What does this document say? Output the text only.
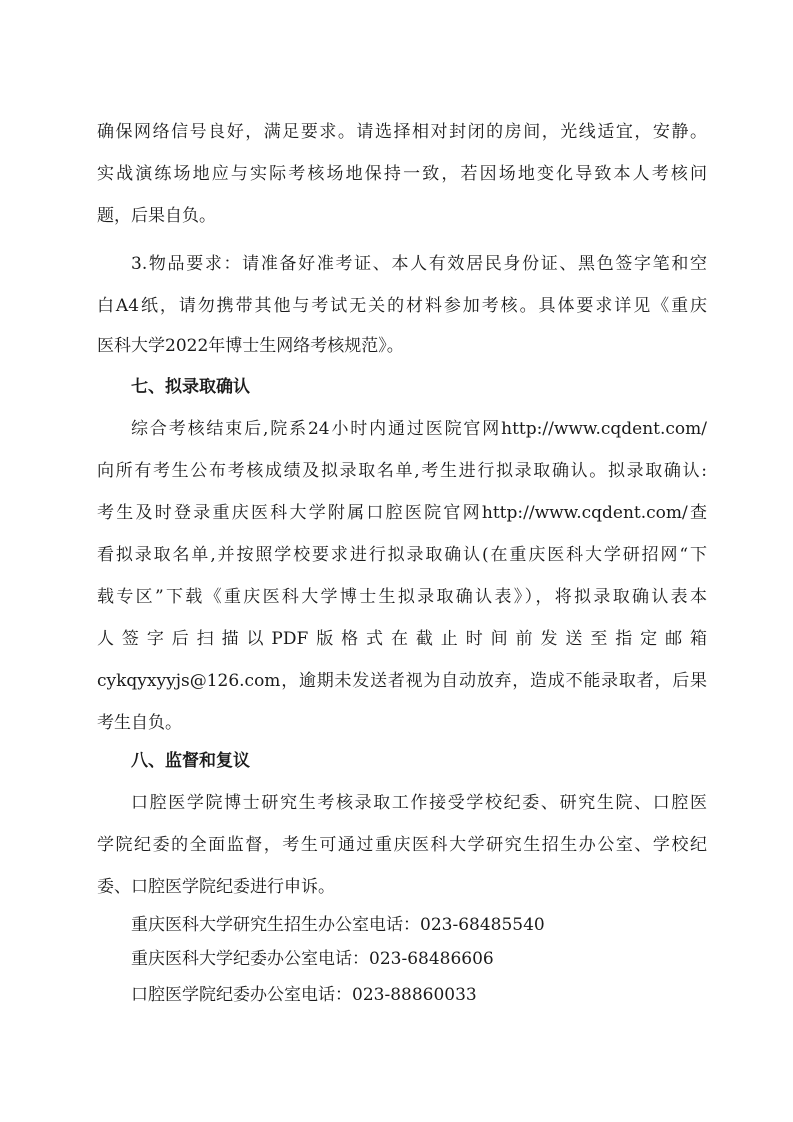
确保网络信号良好，满足要求。请选择相对封闭的房间，光线适宜，安静。
实战演练场地应与实际考核场地保持一致，若因场地变化导致本人考核问
题，后果自负。
3.物品要求：请准备好准考证、本人有效居民身份证、黑色签字笔和空
白A4纸，请勿携带其他与考试无关的材料参加考核。具体要求详见《重庆
医科大学2022年博士生网络考核规范》。
七、拟录取确认
综合考核结束后,院系24小时内通过医院官网http://www.cqdent.com/
向所有考生公布考核成绩及拟录取名单,考生进行拟录取确认。拟录取确认:
考生及时登录重庆医科大学附属口腔医院官网http://www.cqdent.com/查
看拟录取名单,并按照学校要求进行拟录取确认(在重庆医科大学研招网“下
载专区”下载《重庆医科大学博士生拟录取确认表》），将拟录取确认表本
人签字后扫描以PDF版格式在截止时间前发送至指定邮箱
cykqyxyyjs@126.com，逾期未发送者视为自动放弃，造成不能录取者，后果
考生自负。
八、监督和复议
口腔医学院博士研究生考核录取工作接受学校纪委、研究生院、口腔医
学院纪委的全面监督，考生可通过重庆医科大学研究生招生办公室、学校纪
委、口腔医学院纪委进行申诉。
重庆医科大学研究生招生办公室电话：023-68485540
重庆医科大学纪委办公室电话：023-68486606
口腔医学院纪委办公室电话：023-88860033
